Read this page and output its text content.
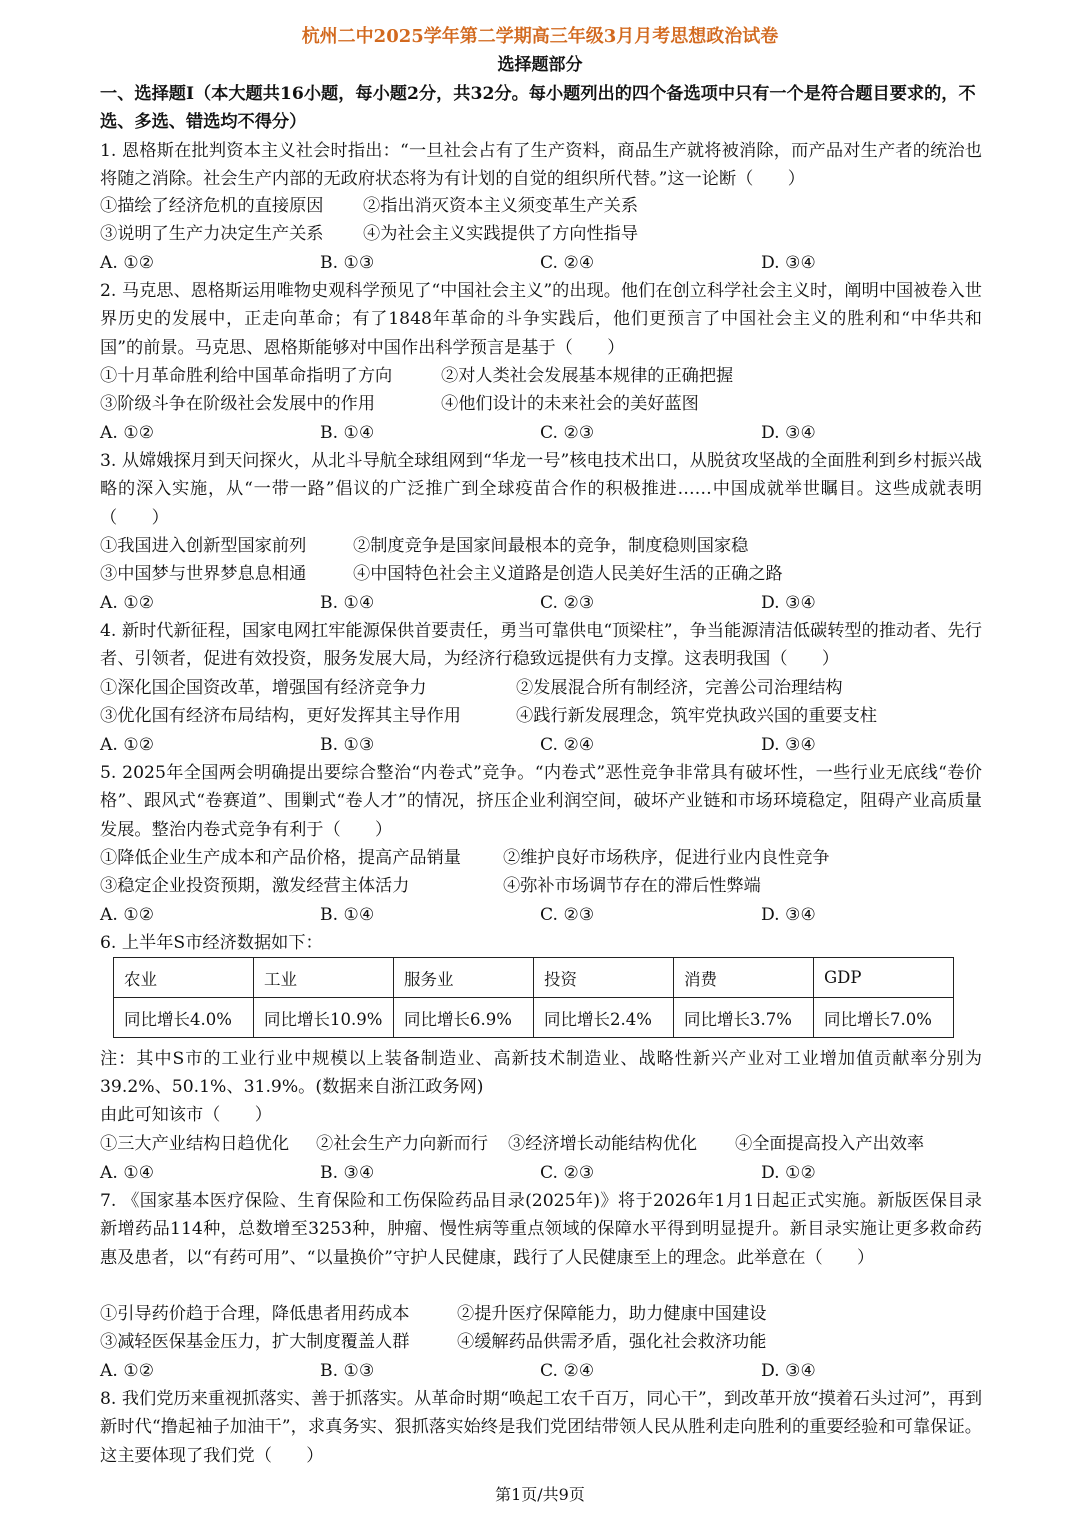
杭州二中2025学年第二学期高三年级3月月考思想政治试卷
选择题部分
一、选择题Ⅰ（本大题共16小题，每小题2分，共32分。每小题列出的四个备选项中只有一个是符合题目要求的，不选、多选、错选均不得分）
1. 恩格斯在批判资本主义社会时指出：“一旦社会占有了生产资料，商品生产就将被消除，而产品对生产者的统治也将随之消除。社会生产内部的无政府状态将为有计划的自觉的组织所代替。”这一论断（　　）
①描绘了经济危机的直接原因 ②指出消灭资本主义须变革生产关系
③说明了生产力决定生产关系 ④为社会主义实践提供了方向性指导
A. ①②	B. ①③	C. ②④	D. ③④
2. 马克思、恩格斯运用唯物史观科学预见了“中国社会主义”的出现。他们在创立科学社会主义时，阐明中国被卷入世界历史的发展中，正走向革命；有了1848年革命的斗争实践后，他们更预言了中国社会主义的胜利和“中华共和国”的前景。马克思、恩格斯能够对中国作出科学预言是基于（　　）
①十月革命胜利给中国革命指明了方向	②对人类社会发展基本规律的正确把握
③阶级斗争在阶级社会发展中的作用	④他们设计的未来社会的美好蓝图
A. ①②	B. ①④	C. ②③	D. ③④
3. 从嫦娥探月到天问探火，从北斗导航全球组网到“华龙一号”核电技术出口，从脱贫攻坚战的全面胜利到乡村振兴战略的深入实施，从“一带一路”倡议的广泛推广到全球疫苗合作的积极推进……中国成就举世瞩目。这些成就表明（　　）
①我国进入创新型国家前列	②制度竞争是国家间最根本的竞争，制度稳则国家稳
③中国梦与世界梦息息相通	④中国特色社会主义道路是创造人民美好生活的正确之路
A. ①②	B. ①④	C. ②③	D. ③④
4. 新时代新征程，国家电网扛牢能源保供首要责任，勇当可靠供电“顶梁柱”，争当能源清洁低碳转型的推动者、先行者、引领者，促进有效投资，服务发展大局，为经济行稳致远提供有力支撑。这表明我国（　　）
①深化国企国资改革，增强国有经济竞争力	②发展混合所有制经济，完善公司治理结构
③优化国有经济布局结构，更好发挥其主导作用	④践行新发展理念，筑牢党执政兴国的重要支柱
A. ①②	B. ①③	C. ②④	D. ③④
5. 2025年全国两会明确提出要综合整治“内卷式”竞争。“内卷式”恶性竞争非常具有破坏性，一些行业无底线“卷价格”、跟风式“卷赛道”、围剿式“卷人才”的情况，挤压企业利润空间，破坏产业链和市场环境稳定，阻碍产业高质量发展。整治内卷式竞争有利于（　　）
①降低企业生产成本和产品价格，提高产品销量 ②维护良好市场秩序，促进行业内良性竞争
③稳定企业投资预期，激发经营主体活力	④弥补市场调节存在的滞后性弊端
A. ①②	B. ①④	C. ②③	D. ③④
6. 上半年S市经济数据如下：
农业	工业	服务业	投资	消费	GDP
同比增长4.0%	同比增长10.9%	同比增长6.9%	同比增长2.4%	同比增长3.7%	同比增长7.0%
注：其中S市的工业行业中规模以上装备制造业、高新技术制造业、战略性新兴产业对工业增加值贡献率分别为39.2%、50.1%、31.9%。(数据来自浙江政务网)
由此可知该市（　　）
①三大产业结构日趋优化 ②社会生产力向新而行 ③经济增长动能结构优化 ④全面提高投入产出效率
A. ①④	B. ③④	C. ②③	D. ①②
7. 《国家基本医疗保险、生育保险和工伤保险药品目录(2025年)》将于2026年1月1日起正式实施。新版医保目录新增药品114种，总数增至3253种，肿瘤、慢性病等重点领域的保障水平得到明显提升。新目录实施让更多救命药惠及患者，以“有药可用”、“以量换价”守护人民健康，践行了人民健康至上的理念。此举意在（　　）
①引导药价趋于合理，降低患者用药成本	②提升医疗保障能力，助力健康中国建设
③减轻医保基金压力，扩大制度覆盖人群	④缓解药品供需矛盾，强化社会救济功能
A. ①②	B. ①③	C. ②④	D. ③④
8. 我们党历来重视抓落实、善于抓落实。从革命时期“唤起工农千百万，同心干”，到改革开放“摸着石头过河”，再到新时代“撸起袖子加油干”，求真务实、狠抓落实始终是我们党团结带领人民从胜利走向胜利的重要经验和可靠保证。这主要体现了我们党（　　）
第1页/共9页
